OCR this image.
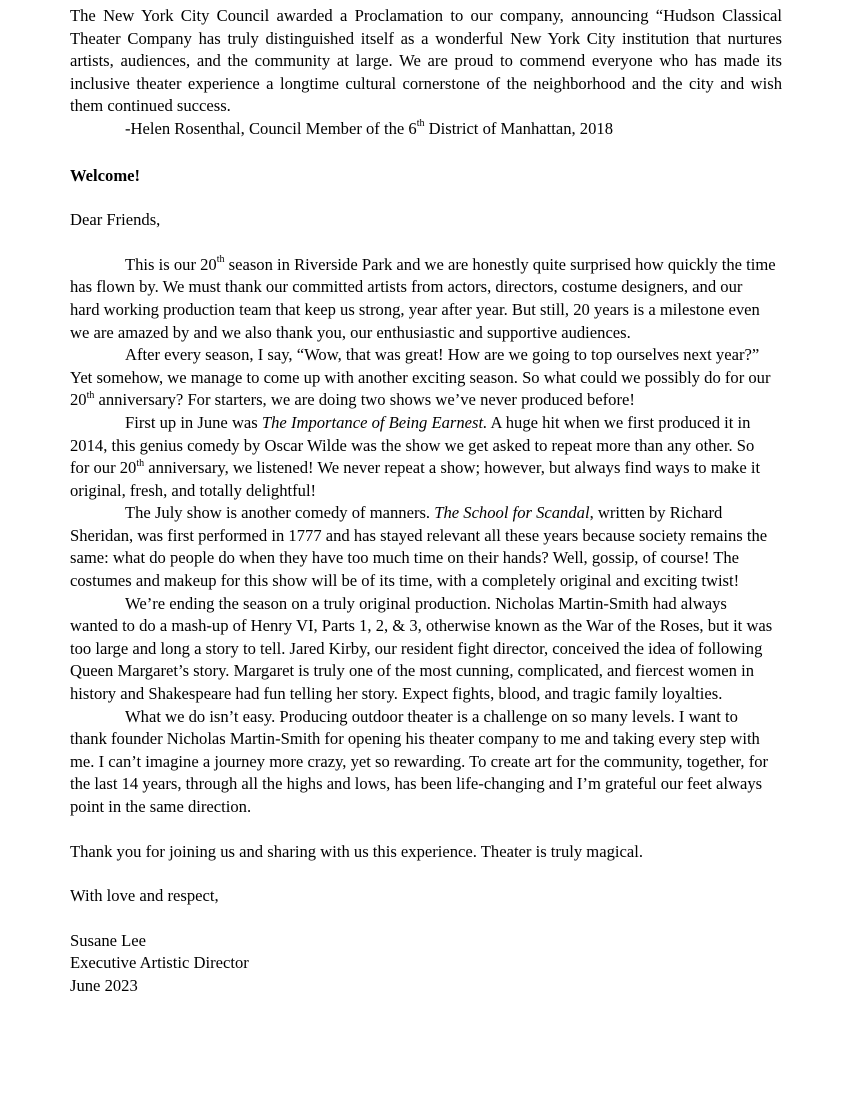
The New York City Council awarded a Proclamation to our company, announcing “Hudson Classical Theater Company has truly distinguished itself as a wonderful New York City institution that nurtures artists, audiences, and the community at large. We are proud to commend everyone who has made its inclusive theater experience a longtime cultural cornerstone of the neighborhood and the city and wish them continued success.

-Helen Rosenthal, Council Member of the 6th District of Manhattan, 2018

Welcome!

Dear Friends,

This is our 20th season in Riverside Park and we are honestly quite surprised how quickly the time has flown by. We must thank our committed artists from actors, directors, costume designers, and our hard working production team that keep us strong, year after year. But still, 20 years is a milestone even we are amazed by and we also thank you, our enthusiastic and supportive audiences.

After every season, I say, “Wow, that was great! How are we going to top ourselves next year?” Yet somehow, we manage to come up with another exciting season. So what could we possibly do for our 20th anniversary? For starters, we are doing two shows we’ve never produced before!

First up in June was The Importance of Being Earnest. A huge hit when we first produced it in 2014, this genius comedy by Oscar Wilde was the show we get asked to repeat more than any other. So for our 20th anniversary, we listened! We never repeat a show; however, but always find ways to make it original, fresh, and totally delightful!

The July show is another comedy of manners. The School for Scandal, written by Richard Sheridan, was first performed in 1777 and has stayed relevant all these years because society remains the same: what do people do when they have too much time on their hands? Well, gossip, of course! The costumes and makeup for this show will be of its time, with a completely original and exciting twist!

We’re ending the season on a truly original production. Nicholas Martin-Smith had always wanted to do a mash-up of Henry VI, Parts 1, 2, & 3, otherwise known as the War of the Roses, but it was too large and long a story to tell. Jared Kirby, our resident fight director, conceived the idea of following Queen Margaret’s story. Margaret is truly one of the most cunning, complicated, and fiercest women in history and Shakespeare had fun telling her story. Expect fights, blood, and tragic family loyalties.

What we do isn’t easy. Producing outdoor theater is a challenge on so many levels. I want to thank founder Nicholas Martin-Smith for opening his theater company to me and taking every step with me. I can’t imagine a journey more crazy, yet so rewarding. To create art for the community, together, for the last 14 years, through all the highs and lows, has been life-changing and I’m grateful our feet always point in the same direction.

Thank you for joining us and sharing with us this experience. Theater is truly magical.

With love and respect,

Susane Lee
Executive Artistic Director
June 2023
